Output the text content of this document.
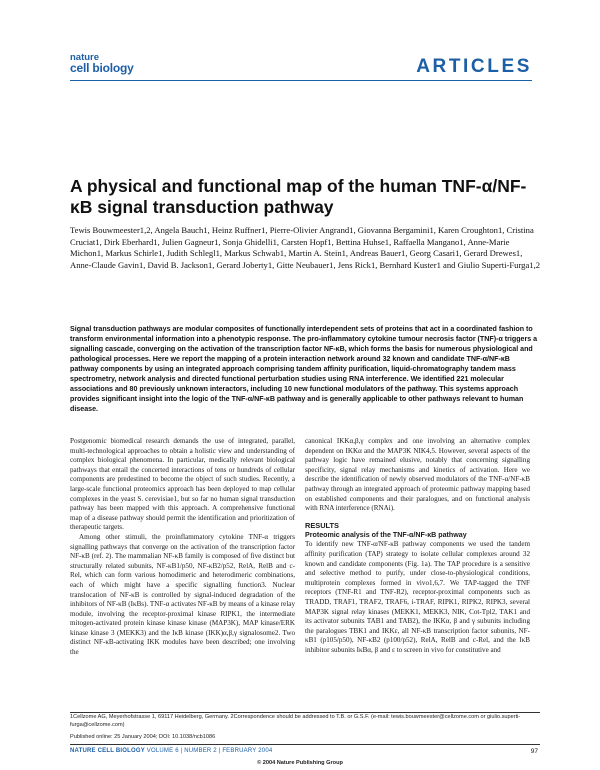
nature
cell biology	ARTICLES
A physical and functional map of the human TNF-α/NF-κB signal transduction pathway
Tewis Bouwmeester1,2, Angela Bauch1, Heinz Ruffner1, Pierre-Olivier Angrand1, Giovanna Bergamini1, Karen Croughton1, Cristina Cruciat1, Dirk Eberhard1, Julien Gagneur1, Sonja Ghidelli1, Carsten Hopf1, Bettina Huhse1, Raffaella Mangano1, Anne-Marie Michon1, Markus Schirle1, Judith Schlegl1, Markus Schwab1, Martin A. Stein1, Andreas Bauer1, Georg Casari1, Gerard Drewes1, Anne-Claude Gavin1, David B. Jackson1, Gerard Joberty1, Gitte Neubauer1, Jens Rick1, Bernhard Kuster1 and Giulio Superti-Furga1,2
Signal transduction pathways are modular composites of functionally interdependent sets of proteins that act in a coordinated fashion to transform environmental information into a phenotypic response. The pro-inflammatory cytokine tumour necrosis factor (TNF)-α triggers a signalling cascade, converging on the activation of the transcription factor NF-κB, which forms the basis for numerous physiological and pathological processes. Here we report the mapping of a protein interaction network around 32 known and candidate TNF-α/NF-κB pathway components by using an integrated approach comprising tandem affinity purification, liquid-chromatography tandem mass spectrometry, network analysis and directed functional perturbation studies using RNA interference. We identified 221 molecular associations and 80 previously unknown interactors, including 10 new functional modulators of the pathway. This systems approach provides significant insight into the logic of the TNF-α/NF-κB pathway and is generally applicable to other pathways relevant to human disease.

Postgenomic biomedical research demands the use of integrated, parallel, multi-technological approaches to obtain a holistic view and understanding of complex biological phenomena. In particular, medically relevant biological pathways that entail the concerted interactions of tens or hundreds of cellular components are predestined to become the object of such studies. Recently, a large-scale functional proteomics approach has been deployed to map cellular complexes in the yeast S. cerevisiae1, but so far no human signal transduction pathway has been mapped with this approach. A comprehensive functional map of a disease pathway should permit the identification and prioritization of therapeutic targets.

Among other stimuli, the proinflammatory cytokine TNF-α triggers signalling pathways that converge on the activation of the transcription factor NF-κB (ref. 2). The mammalian NF-κB family is composed of five distinct but structurally related subunits, NF-κB1/p50, NF-κB2/p52, RelA, RelB and c-Rel, which can form various homodimeric and heterodimeric combinations, each of which might have a specific signalling function3. Nuclear translocation of NF-κB is controlled by signal-induced degradation of the inhibitors of NF-κB (IκBs). TNF-α activates NF-κB by means of a kinase relay module, involving the receptor-proximal kinase RIPK1, the intermediate mitogen-activated protein kinase kinase kinase (MAP3K), MAP kinase/ERK kinase kinase 3 (MEKK3) and the IκB kinase (IKK)α,β,γ signalosome2. Two distinct NF-κB-activating IKK modules have been described; one involving the

canonical IKKα,β,γ complex and one involving an alternative complex dependent on IKKα and the MAP3K NIK4,5. However, several aspects of the pathway logic have remained elusive, notably that concerning signalling specificity, signal relay mechanisms and kinetics of activation. Here we describe the identification of newly observed modulators of the TNF-α/NF-κB pathway through an integrated approach of proteomic pathway mapping based on established components and their paralogues, and on functional analysis with RNA interference (RNAi).

RESULTS
Proteomic analysis of the TNF-α/NF-κB pathway

To identify new TNF-α/NF-κB pathway components we used the tandem affinity purification (TAP) strategy to isolate cellular complexes around 32 known and candidate components (Fig. 1a). The TAP procedure is a sensitive and selective method to purify, under close-to-physiological conditions, multiprotein complexes formed in vivo1,6,7. We TAP-tagged the TNF receptors (TNF-R1 and TNF-R2), receptor-proximal components such as TRADD, TRAF1, TRAF2, TRAF6, i-TRAF, RIPK1, RIPK2, RIPK3, several MAP3K signal relay kinases (MEKK1, MEKK3, NIK, Cot-Tpl2, TAK1 and its activator subunits TAB1 and TAB2), the IKKα, β and γ subunits including the paralogues TBK1 and IKKε, all NF-κB transcription factor subunits, NF-κB1 (p105/p50), NF-κB2 (p100/p52), RelA, RelB and c-Rel, and the IκB inhibitor subunits IκBα, β and ε to screen in vivo for constitutive and

1Cellzome AG, Meyerhofstrasse 1, 69117 Heidelberg, Germany. 2Correspondence should be addressed to T.B. or G.S.F. (e-mail: tewis.bouwmeester@cellzome.com or giulio.superti-furga@cellzome.com)
Published online: 25 January 2004; DOI: 10.1038/ncb1086
NATURE CELL BIOLOGY VOLUME 6 | NUMBER 2 | FEBRUARY 2004	97
© 2004 Nature Publishing Group
